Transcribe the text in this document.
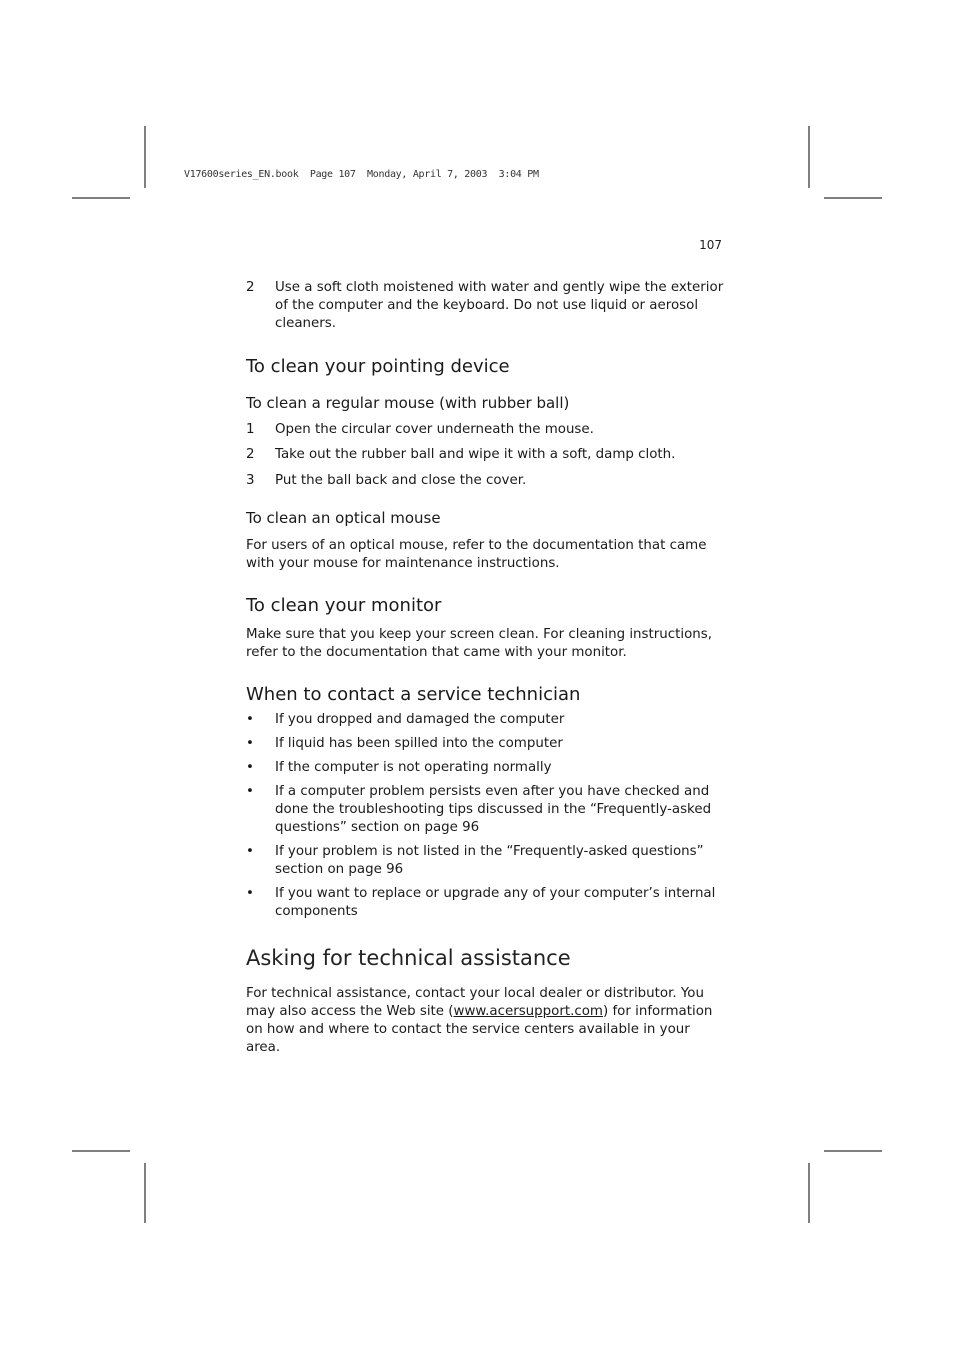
V17600series_EN.book  Page 107  Monday, April 7, 2003  3:04 PM
107
2	Use a soft cloth moistened with water and gently wipe the exterior of the computer and the keyboard. Do not use liquid or aerosol cleaners.
To clean your pointing device
To clean a regular mouse (with rubber ball)
1	Open the circular cover underneath the mouse.
2	Take out the rubber ball and wipe it with a soft, damp cloth.
3	Put the ball back and close the cover.
To clean an optical mouse

For users of an optical mouse, refer to the documentation that came with your mouse for maintenance instructions.

To clean your monitor

Make sure that you keep your screen clean. For cleaning instructions, refer to the documentation that came with your monitor.

When to contact a service technician
•	If you dropped and damaged the computer
•	If liquid has been spilled into the computer
•	If the computer is not operating normally
•	If a computer problem persists even after you have checked and done the troubleshooting tips discussed in the “Frequently-asked questions” section on page 96
•	If your problem is not listed in the “Frequently-asked questions” section on page 96
•	If you want to replace or upgrade any of your computer’s internal components
Asking for technical assistance

For technical assistance, contact your local dealer or distributor. You may also access the Web site (www.acersupport.com) for information on how and where to contact the service centers available in your area.
